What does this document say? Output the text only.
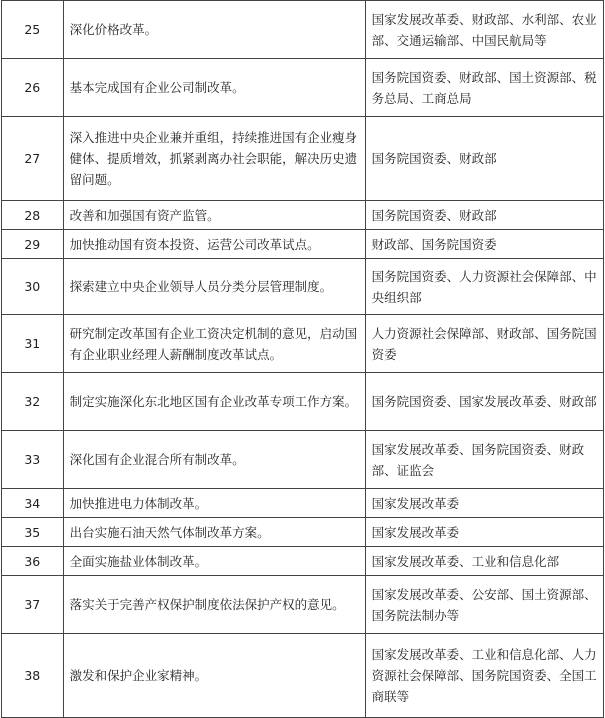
25	深化价格改革。	国家发展改革委、财政部、水利部、农业部、交通运输部、中国民航局等
26	基本完成国有企业公司制改革。	国务院国资委、财政部、国土资源部、税务总局、工商总局
27	深入推进中央企业兼并重组，持续推进国有企业瘦身健体、提质增效，抓紧剥离办社会职能，解决历史遗留问题。	国务院国资委、财政部
28	改善和加强国有资产监管。	国务院国资委、财政部
29	加快推动国有资本投资、运营公司改革试点。	财政部、国务院国资委
30	探索建立中央企业领导人员分类分层管理制度。	国务院国资委、人力资源社会保障部、中央组织部
31	研究制定改革国有企业工资决定机制的意见，启动国有企业职业经理人薪酬制度改革试点。	人力资源社会保障部、财政部、国务院国资委
32	制定实施深化东北地区国有企业改革专项工作方案。	国务院国资委、国家发展改革委、财政部
33	深化国有企业混合所有制改革。	国家发展改革委、国务院国资委、财政部、证监会
34	加快推进电力体制改革。	国家发展改革委
35	出台实施石油天然气体制改革方案。	国家发展改革委
36	全面实施盐业体制改革。	国家发展改革委、工业和信息化部
37	落实关于完善产权保护制度依法保护产权的意见。	国家发展改革委、公安部、国土资源部、国务院法制办等
38	激发和保护企业家精神。	国家发展改革委、工业和信息化部、人力资源社会保障部、国务院国资委、全国工商联等
